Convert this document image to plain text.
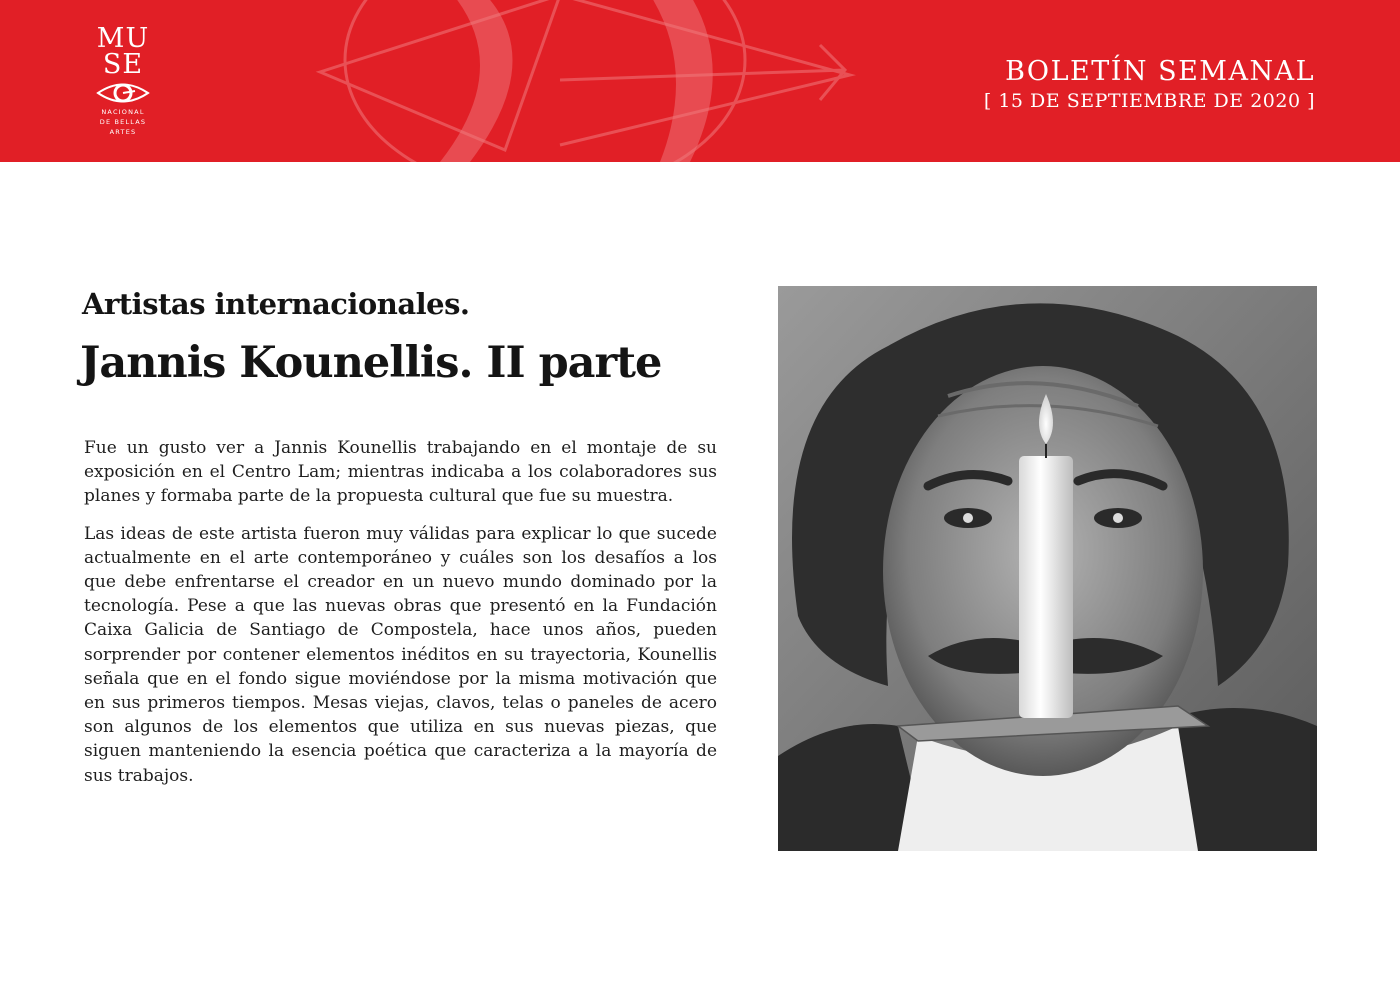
MU
SE
NACIONAL
DE BELLAS
ARTES
BOLETÍN SEMANAL
[ 15 DE SEPTIEMBRE DE 2020 ]
Artistas internacionales.
Jannis Kounellis. II parte

Fue un gusto ver a Jannis Kounellis trabajando en el montaje de su exposición en el Centro Lam; mientras indicaba a los colaboradores sus planes y formaba parte de la propuesta cultural que fue su muestra.

Las ideas de este artista fueron muy válidas para explicar lo que sucede actualmente en el arte contemporáneo y cuáles son los desafíos a los que debe enfrentarse el creador en un nuevo mundo dominado por la tecnología. Pese a que las nuevas obras que presentó en la Fundación Caixa Galicia de Santiago de Compostela, hace unos años, pueden sorprender por contener elementos inéditos en su trayectoria, Kounellis señala que en el fondo sigue moviéndose por la misma motivación que en sus primeros tiempos. Mesas viejas, clavos, telas o paneles de acero son algunos de los elementos que utiliza en sus nuevas piezas, que siguen manteniendo la esencia poética que caracteriza a la mayoría de sus trabajos.
